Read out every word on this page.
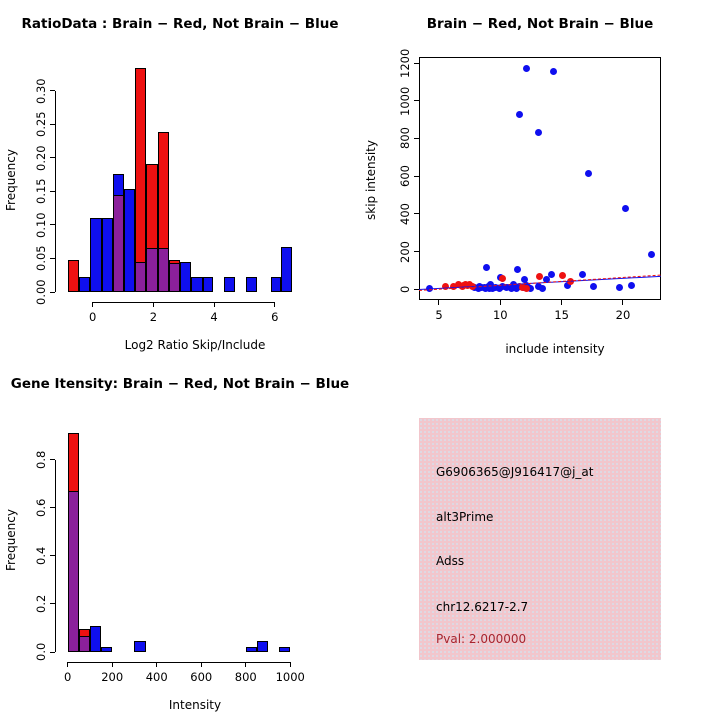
RatioData : Brain − Red, Not Brain − Blue
Frequency
Log2 Ratio Skip/Include
0.00
0.05
0.10
0.15
0.20
0.25
0.30
0	2	4	6
Brain − Red, Not Brain − Blue
skip intensity
include intensity
0
200
400
600
800
1000
1200
5	10	15	20
Gene Itensity: Brain − Red, Not Brain − Blue
Frequency
Intensity
0.0
0.2
0.4
0.6
0.8
0	200	400	600	800	1000
G6906365@J916417@j_at
alt3Prime
Adss
chr12.6217-2.7
Pval: 2.000000
